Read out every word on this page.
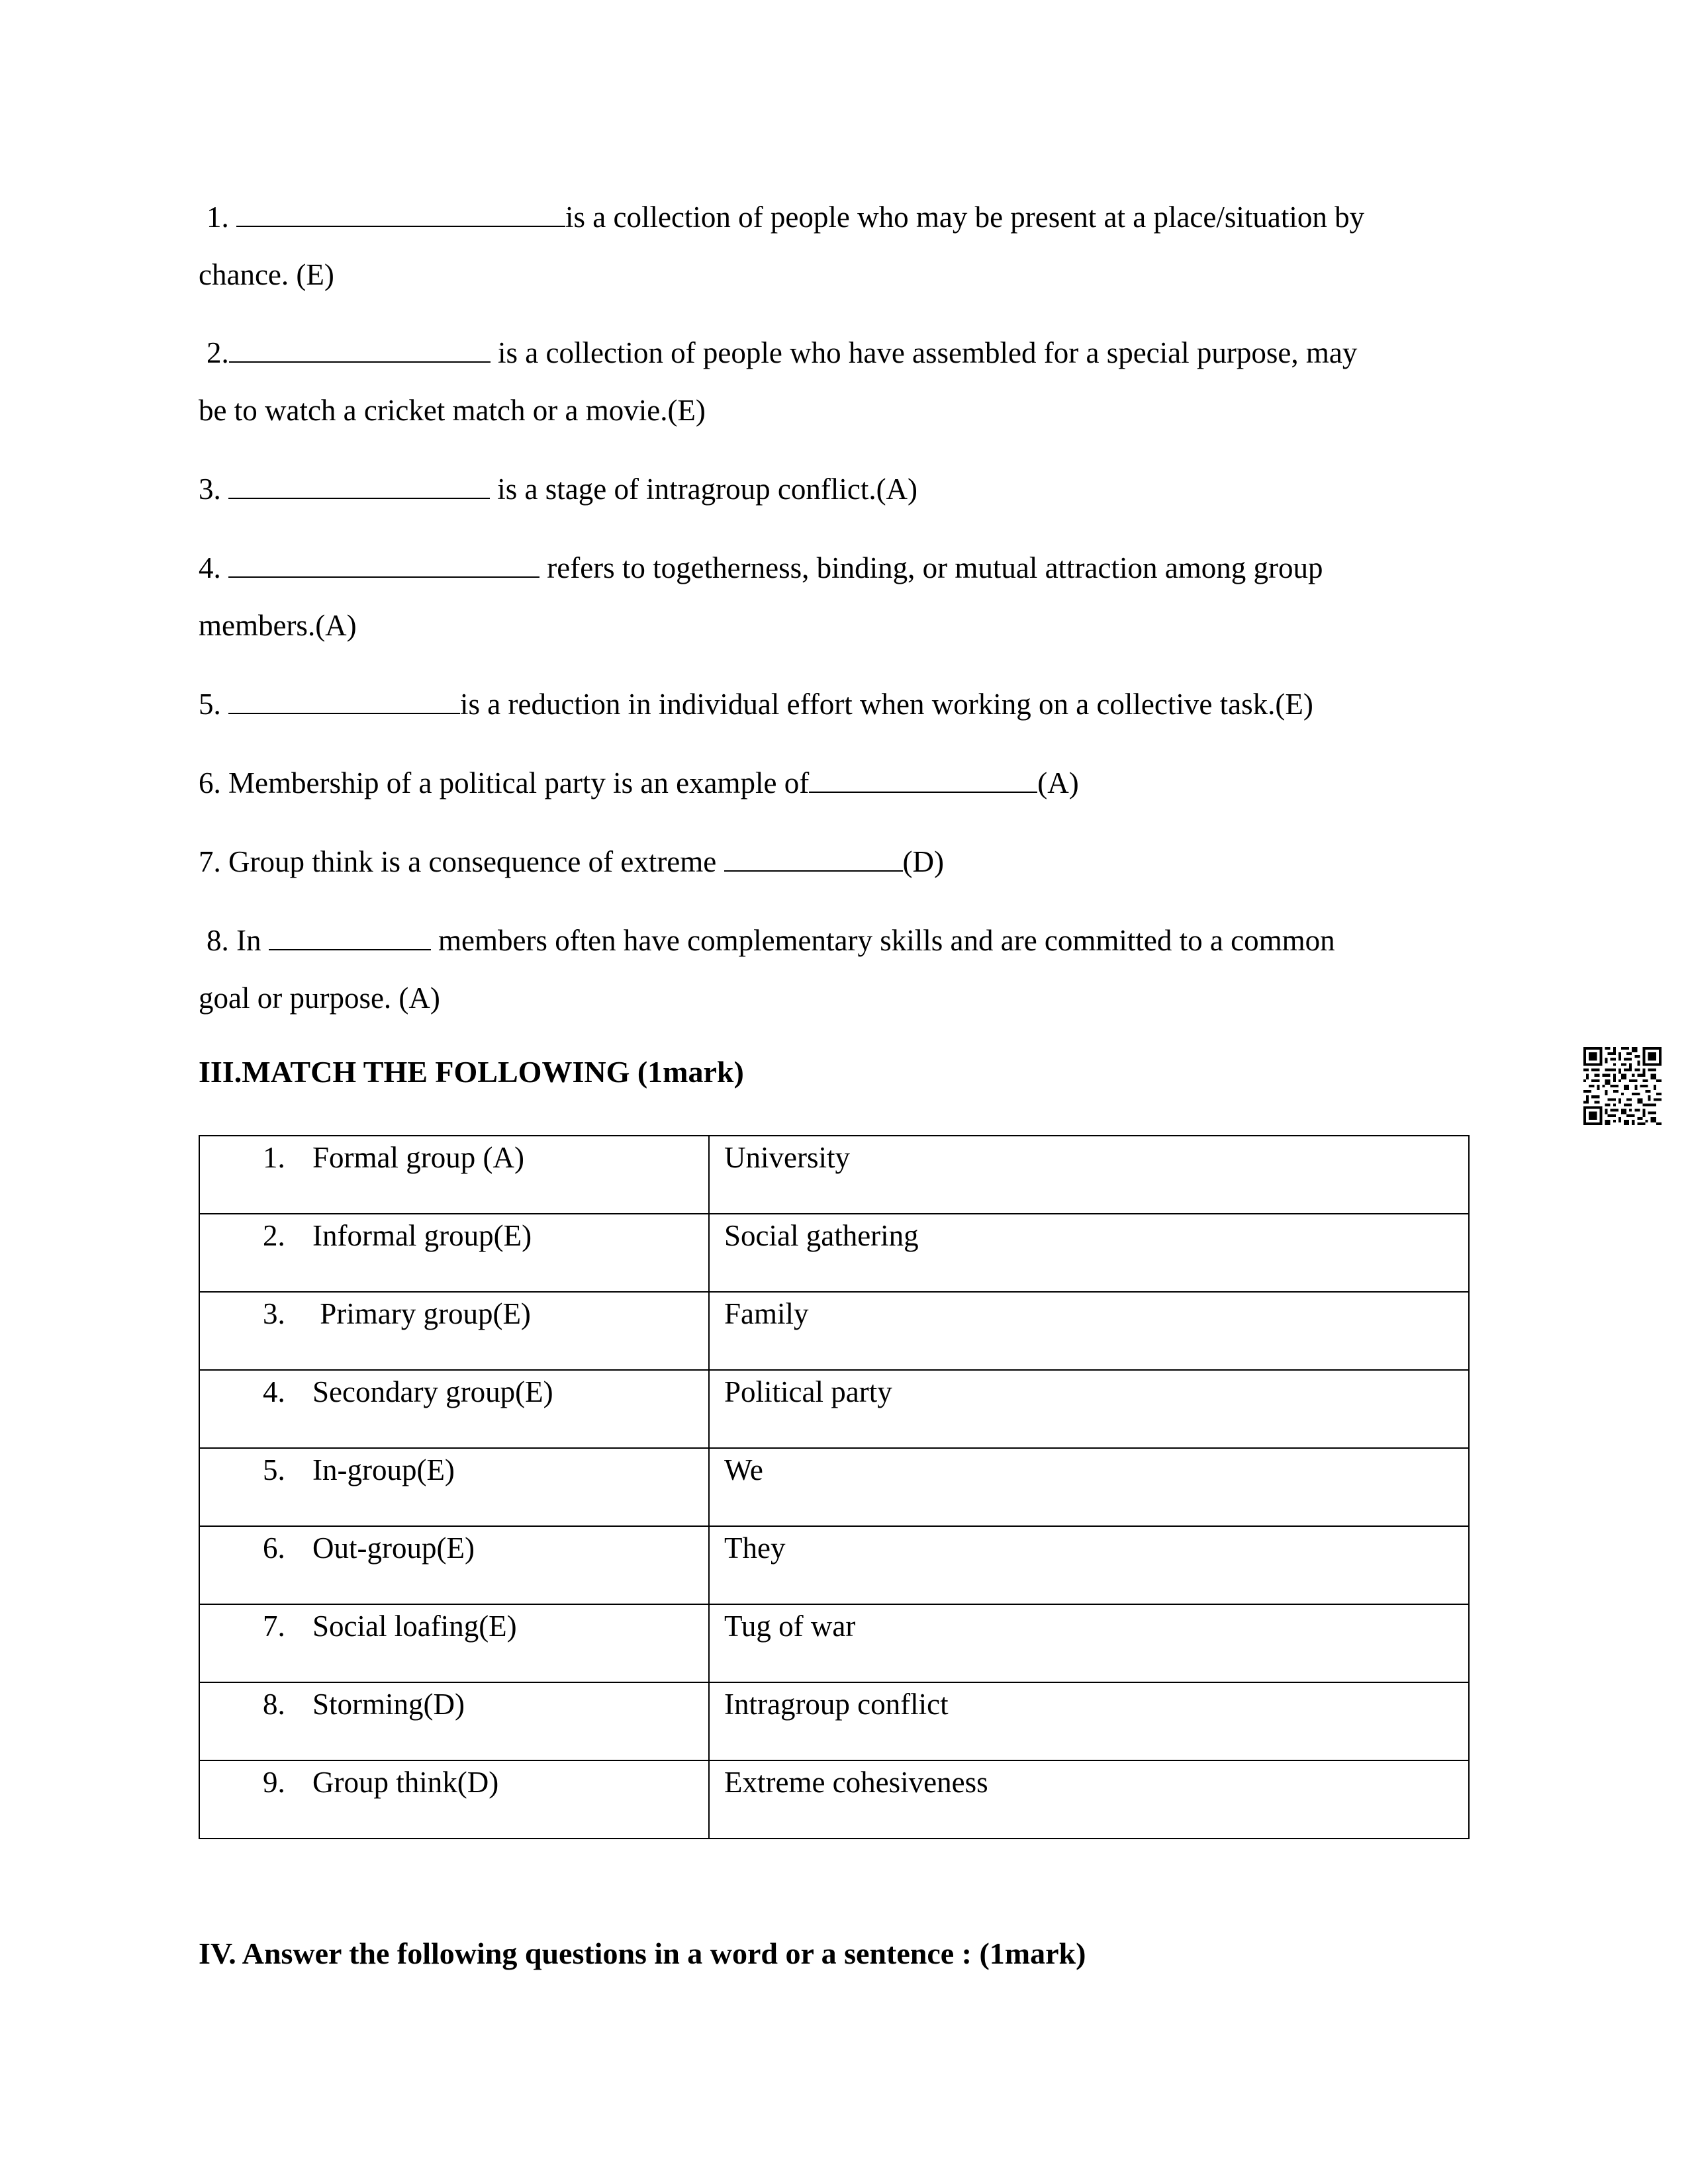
1.	is a collection of people who may be present at a place/situation by
chance. (E)
2.	is a collection of people who have assembled for a special purpose, may
be to watch a cricket match or a movie.(E)
3.	is a stage of intragroup conflict.(A)
4.	refers to togetherness, binding, or mutual attraction among group
members.(A)
5.	is a reduction in individual effort when working on a collective task.(E)
6. Membership of a political party is an example of	(A)
7. Group think is a consequence of extreme	(D)
8. In	members often have complementary skills and are committed to a common
goal or purpose. (A)
III.MATCH THE FOLLOWING (1mark)
1. Formal group (A)	University

2. Informal group(E)	Social gathering

3. Primary group(E)	Family

4. Secondary group(E)	Political party

5. In-group(E)	We

6. Out-group(E)	They

7. Social loafing(E)	Tug of war

8. Storming(D)	Intragroup conflict

9. Group think(D)	Extreme cohesiveness
IV. Answer the following questions in a word or a sentence : (1mark)
